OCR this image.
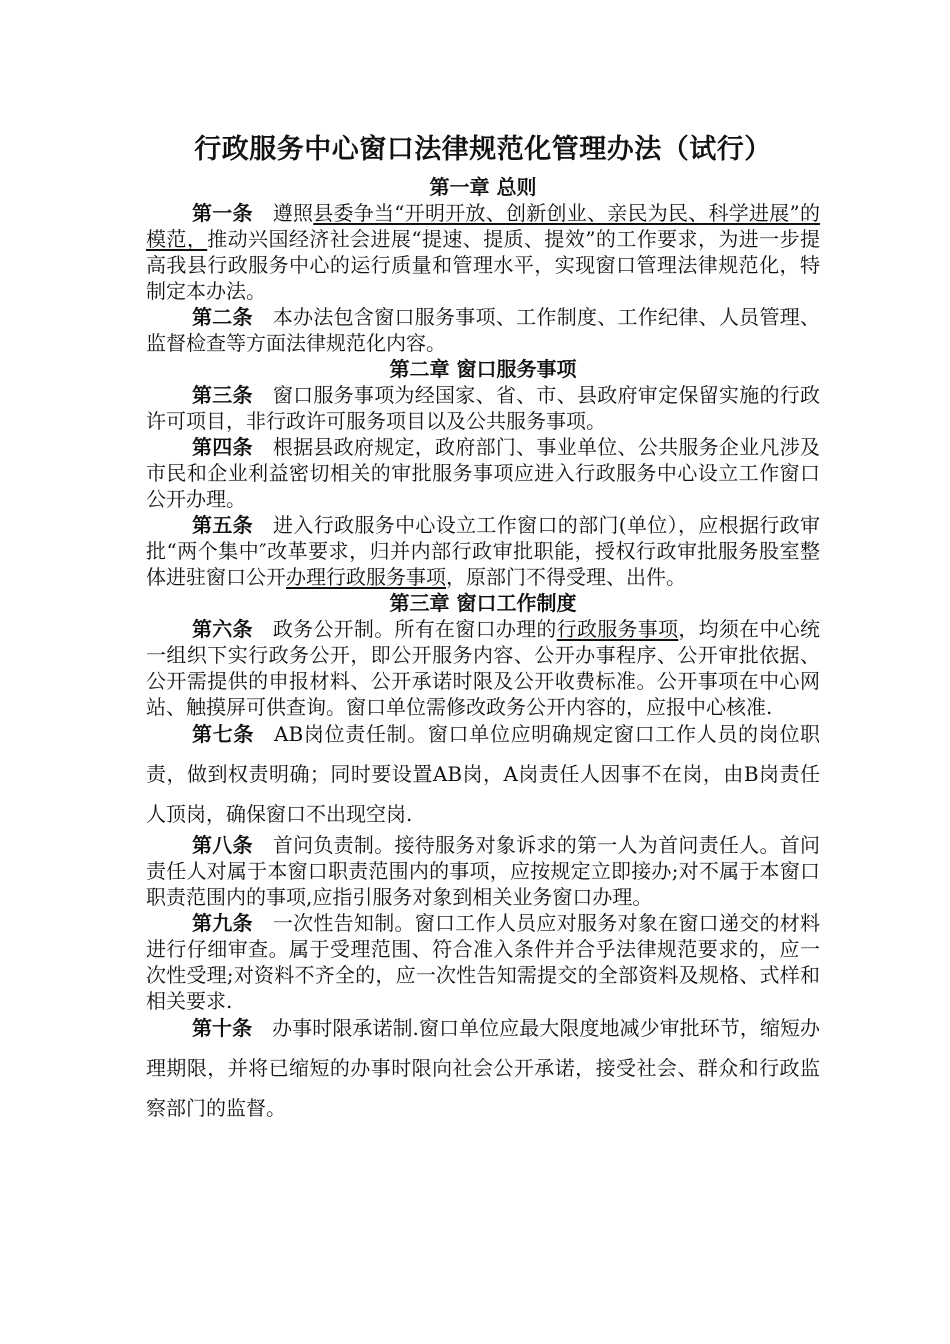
行政服务中心窗口法律规范化管理办法（试行）

第一章 总则

第一条 遵照县委争当“开明开放、创新创业、亲民为民、科学进展”的模范，推动兴国经济社会进展“提速、提质、提效”的工作要求，为进一步提高我县行政服务中心的运行质量和管理水平，实现窗口管理法律规范化，特制定本办法。

第二条 本办法包含窗口服务事项、工作制度、工作纪律、人员管理、监督检查等方面法律规范化内容。

第二章 窗口服务事项

第三条 窗口服务事项为经国家、省、市、县政府审定保留实施的行政许可项目，非行政许可服务项目以及公共服务事项。

第四条 根据县政府规定，政府部门、事业单位、公共服务企业凡涉及市民和企业利益密切相关的审批服务事项应进入行政服务中心设立工作窗口公开办理。

第五条 进入行政服务中心设立工作窗口的部门(单位），应根据行政审批“两个集中″改革要求，归并内部行政审批职能，授权行政审批服务股室整体进驻窗口公开办理行政服务事项，原部门不得受理、出件。

第三章 窗口工作制度

第六条 政务公开制。所有在窗口办理的行政服务事项，均须在中心统一组织下实行政务公开，即公开服务内容、公开办事程序、公开审批依据、公开需提供的申报材料、公开承诺时限及公开收费标准。公开事项在中心网站、触摸屏可供查询。窗口单位需修改政务公开内容的，应报中心核准.

第七条 AB岗位责任制。窗口单位应明确规定窗口工作人员的岗位职责，做到权责明确；同时要设置AB岗，A岗责任人因事不在岗，由B岗责任人顶岗，确保窗口不出现空岗.

第八条 首问负责制。接待服务对象诉求的第一人为首问责任人。首问责任人对属于本窗口职责范围内的事项，应按规定立即接办;对不属于本窗口职责范围内的事项,应指引服务对象到相关业务窗口办理。

第九条 一次性告知制。窗口工作人员应对服务对象在窗口递交的材料进行仔细审查。属于受理范围、符合准入条件并合乎法律规范要求的，应一次性受理;对资料不齐全的，应一次性告知需提交的全部资料及规格、式样和相关要求.

第十条 办事时限承诺制.窗口单位应最大限度地减少审批环节，缩短办理期限，并将已缩短的办事时限向社会公开承诺，接受社会、群众和行政监察部门的监督。
